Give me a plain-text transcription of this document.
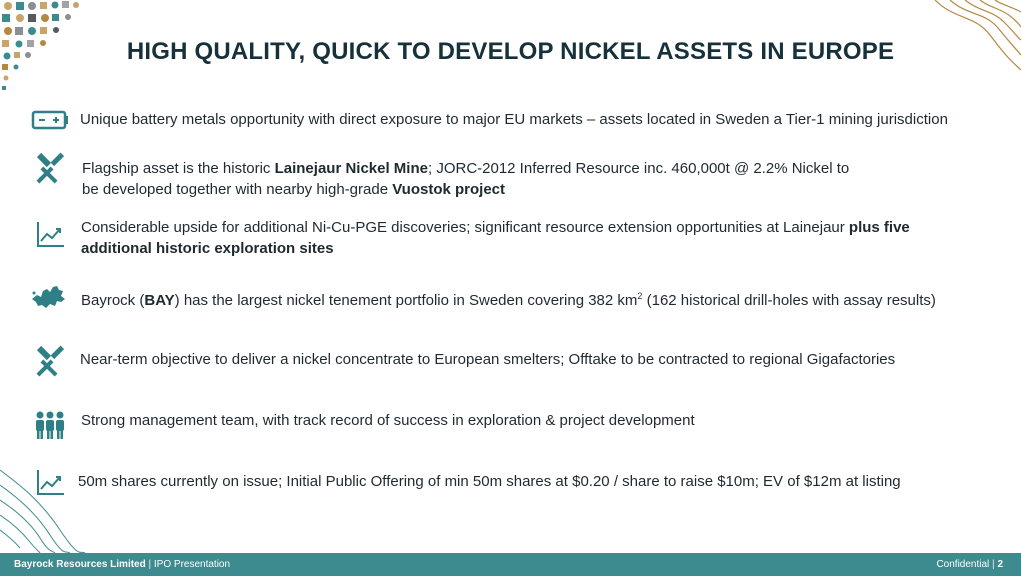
HIGH QUALITY, QUICK TO DEVELOP NICKEL ASSETS IN EUROPE
Unique battery metals opportunity with direct exposure to major EU markets – assets located in Sweden a Tier-1 mining jurisdiction
Flagship asset is the historic Lainejaur Nickel Mine; JORC-2012 Inferred Resource inc. 460,000t @ 2.2% Nickel to
be developed together with nearby high-grade Vuostok project
Considerable upside for additional Ni-Cu-PGE discoveries; significant resource extension opportunities at Lainejaur plus five
additional historic exploration sites
Bayrock (BAY) has the largest nickel tenement portfolio in Sweden covering 382 $km^2$ (162 historical drill-holes with assay results)
Near-term objective to deliver a nickel concentrate to European smelters; Offtake to be contracted to regional Gigafactories
Strong management team, with track record of success in exploration & project development
50m shares currently on issue; Initial Public Offering of min 50m shares at $0.20 / share to raise $10m; EV of $12m at listing
Bayrock Resources Limited | IPO Presentation	Confidential | 2
